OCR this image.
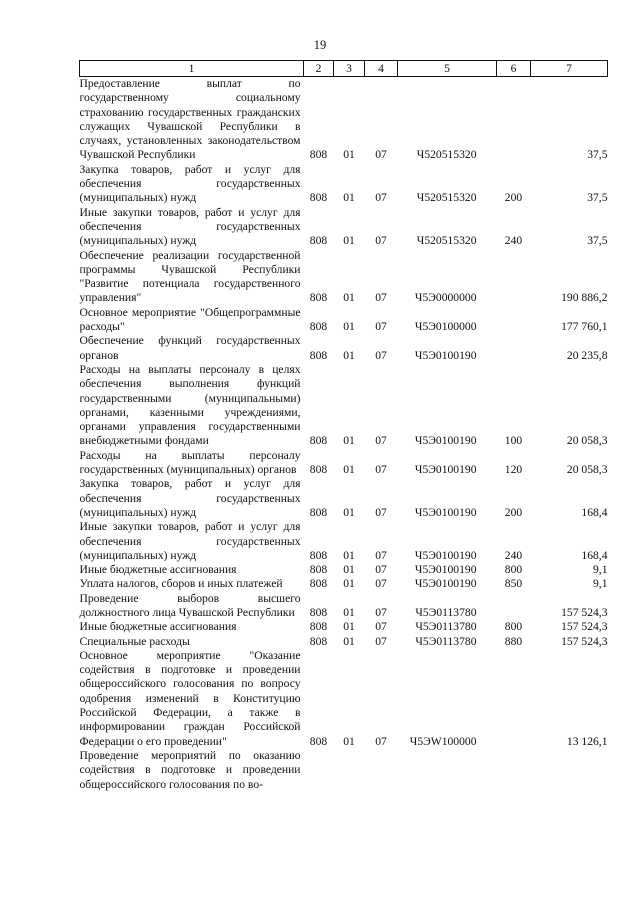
19
1	2	3	4	5	6	7
Предоставление выплат по государственному социальному страхованию государственных гражданских служащих Чувашской Республики в случаях, установленных законодательством Чувашской Республики	808	01	07	Ч520515320		37,5
Закупка товаров, работ и услуг для обеспечения государственных (муниципальных) нужд	808	01	07	Ч520515320	200	37,5
Иные закупки товаров, работ и услуг для обеспечения государственных (муниципальных) нужд	808	01	07	Ч520515320	240	37,5
Обеспечение реализации государственной программы Чувашской Республики "Развитие потенциала государственного управления"	808	01	07	Ч5Э0000000		190 886,2
Основное мероприятие "Общепрограммные расходы"	808	01	07	Ч5Э0100000		177 760,1
Обеспечение функций государственных органов	808	01	07	Ч5Э0100190		20 235,8
Расходы на выплаты персоналу в целях обеспечения выполнения функций государственными (муниципальными) органами, казенными учреждениями, органами управления государственными внебюджетными фондами	808	01	07	Ч5Э0100190	100	20 058,3
Расходы на выплаты персоналу государственных (муниципальных) органов	808	01	07	Ч5Э0100190	120	20 058,3
Закупка товаров, работ и услуг для обеспечения государственных (муниципальных) нужд	808	01	07	Ч5Э0100190	200	168,4
Иные закупки товаров, работ и услуг для обеспечения государственных (муниципальных) нужд	808	01	07	Ч5Э0100190	240	168,4
Иные бюджетные ассигнования	808	01	07	Ч5Э0100190	800	9,1
Уплата налогов, сборов и иных платежей	808	01	07	Ч5Э0100190	850	9,1
Проведение выборов высшего должностного лица Чувашской Республики	808	01	07	Ч5Э0113780		157 524,3
Иные бюджетные ассигнования	808	01	07	Ч5Э0113780	800	157 524,3
Специальные расходы	808	01	07	Ч5Э0113780	880	157 524,3
Основное мероприятие "Оказание содействия в подготовке и проведении общероссийского голосования по вопросу одобрения изменений в Конституцию Российской Федерации, а также в информировании граждан Российской Федерации о его проведении"	808	01	07	Ч5ЭW100000		13 126,1
Проведение мероприятий по оказанию содействия в подготовке и проведении общероссийского голосования по во-						
